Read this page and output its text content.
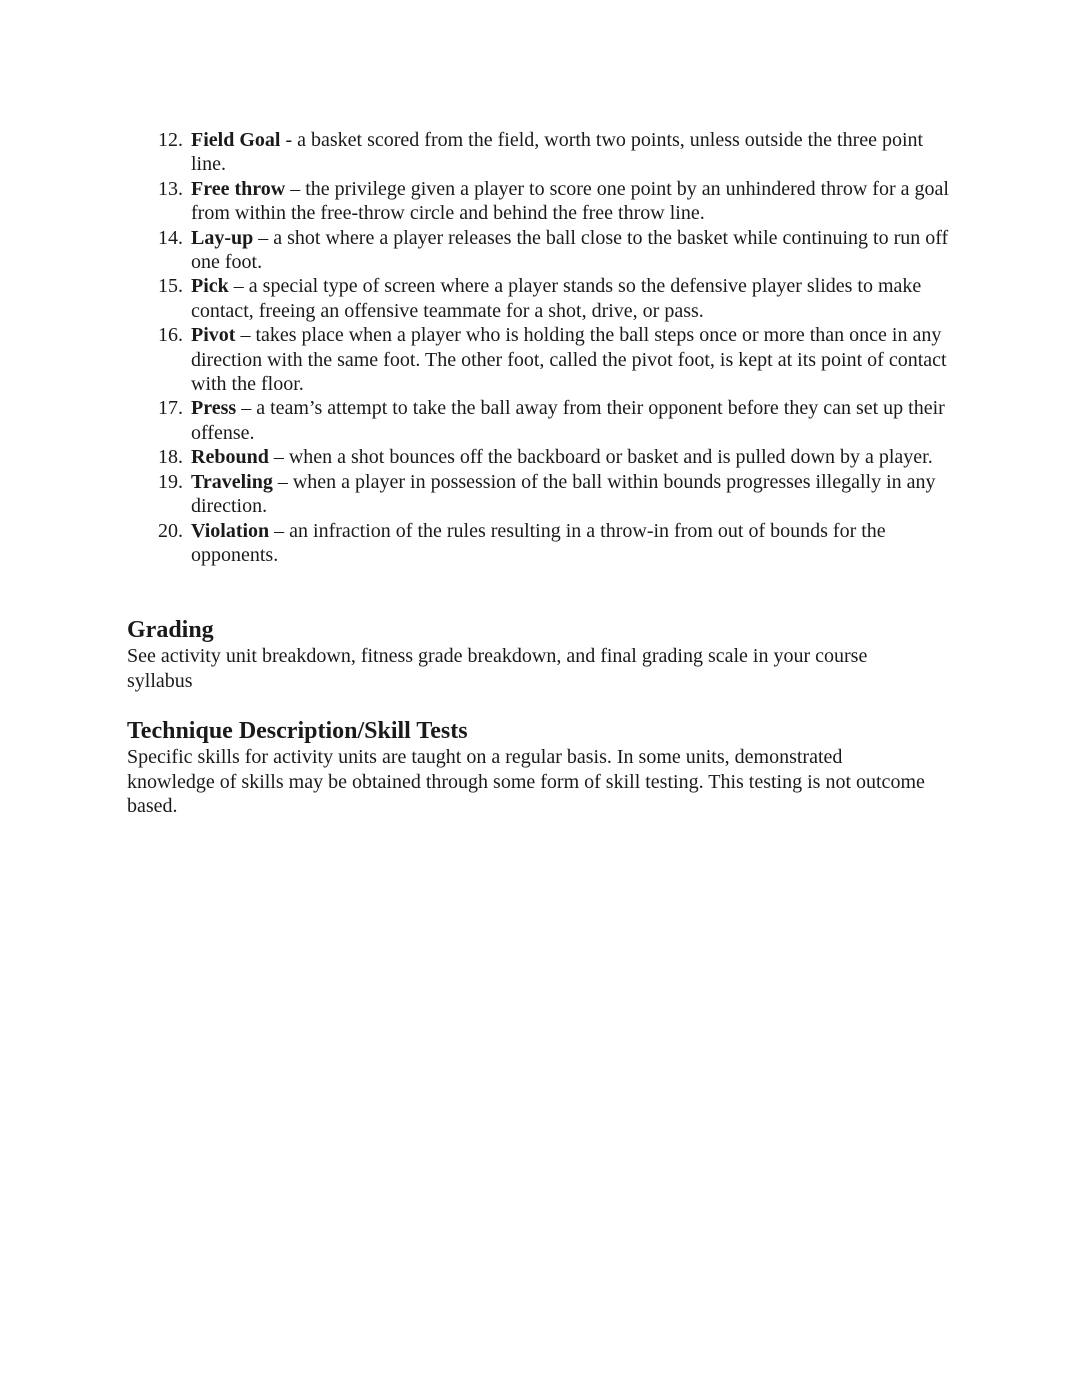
12. Field Goal - a basket scored from the field, worth two points, unless outside the three point line.
13. Free throw – the privilege given a player to score one point by an unhindered throw for a goal from within the free-throw circle and behind the free throw line.
14. Lay-up – a shot where a player releases the ball close to the basket while continuing to run off one foot.
15. Pick – a special type of screen where a player stands so the defensive player slides to make contact, freeing an offensive teammate for a shot, drive, or pass.
16. Pivot – takes place when a player who is holding the ball steps once or more than once in any direction with the same foot. The other foot, called the pivot foot, is kept at its point of contact with the floor.
17. Press – a team’s attempt to take the ball away from their opponent before they can set up their offense.
18. Rebound – when a shot bounces off the backboard or basket and is pulled down by a player.
19. Traveling – when a player in possession of the ball within bounds progresses illegally in any direction.
20. Violation – an infraction of the rules resulting in a throw-in from out of bounds for the opponents.
Grading

See activity unit breakdown, fitness grade breakdown, and final grading scale in your course syllabus

Technique Description/Skill Tests

Specific skills for activity units are taught on a regular basis. In some units, demonstrated knowledge of skills may be obtained through some form of skill testing. This testing is not outcome based.
